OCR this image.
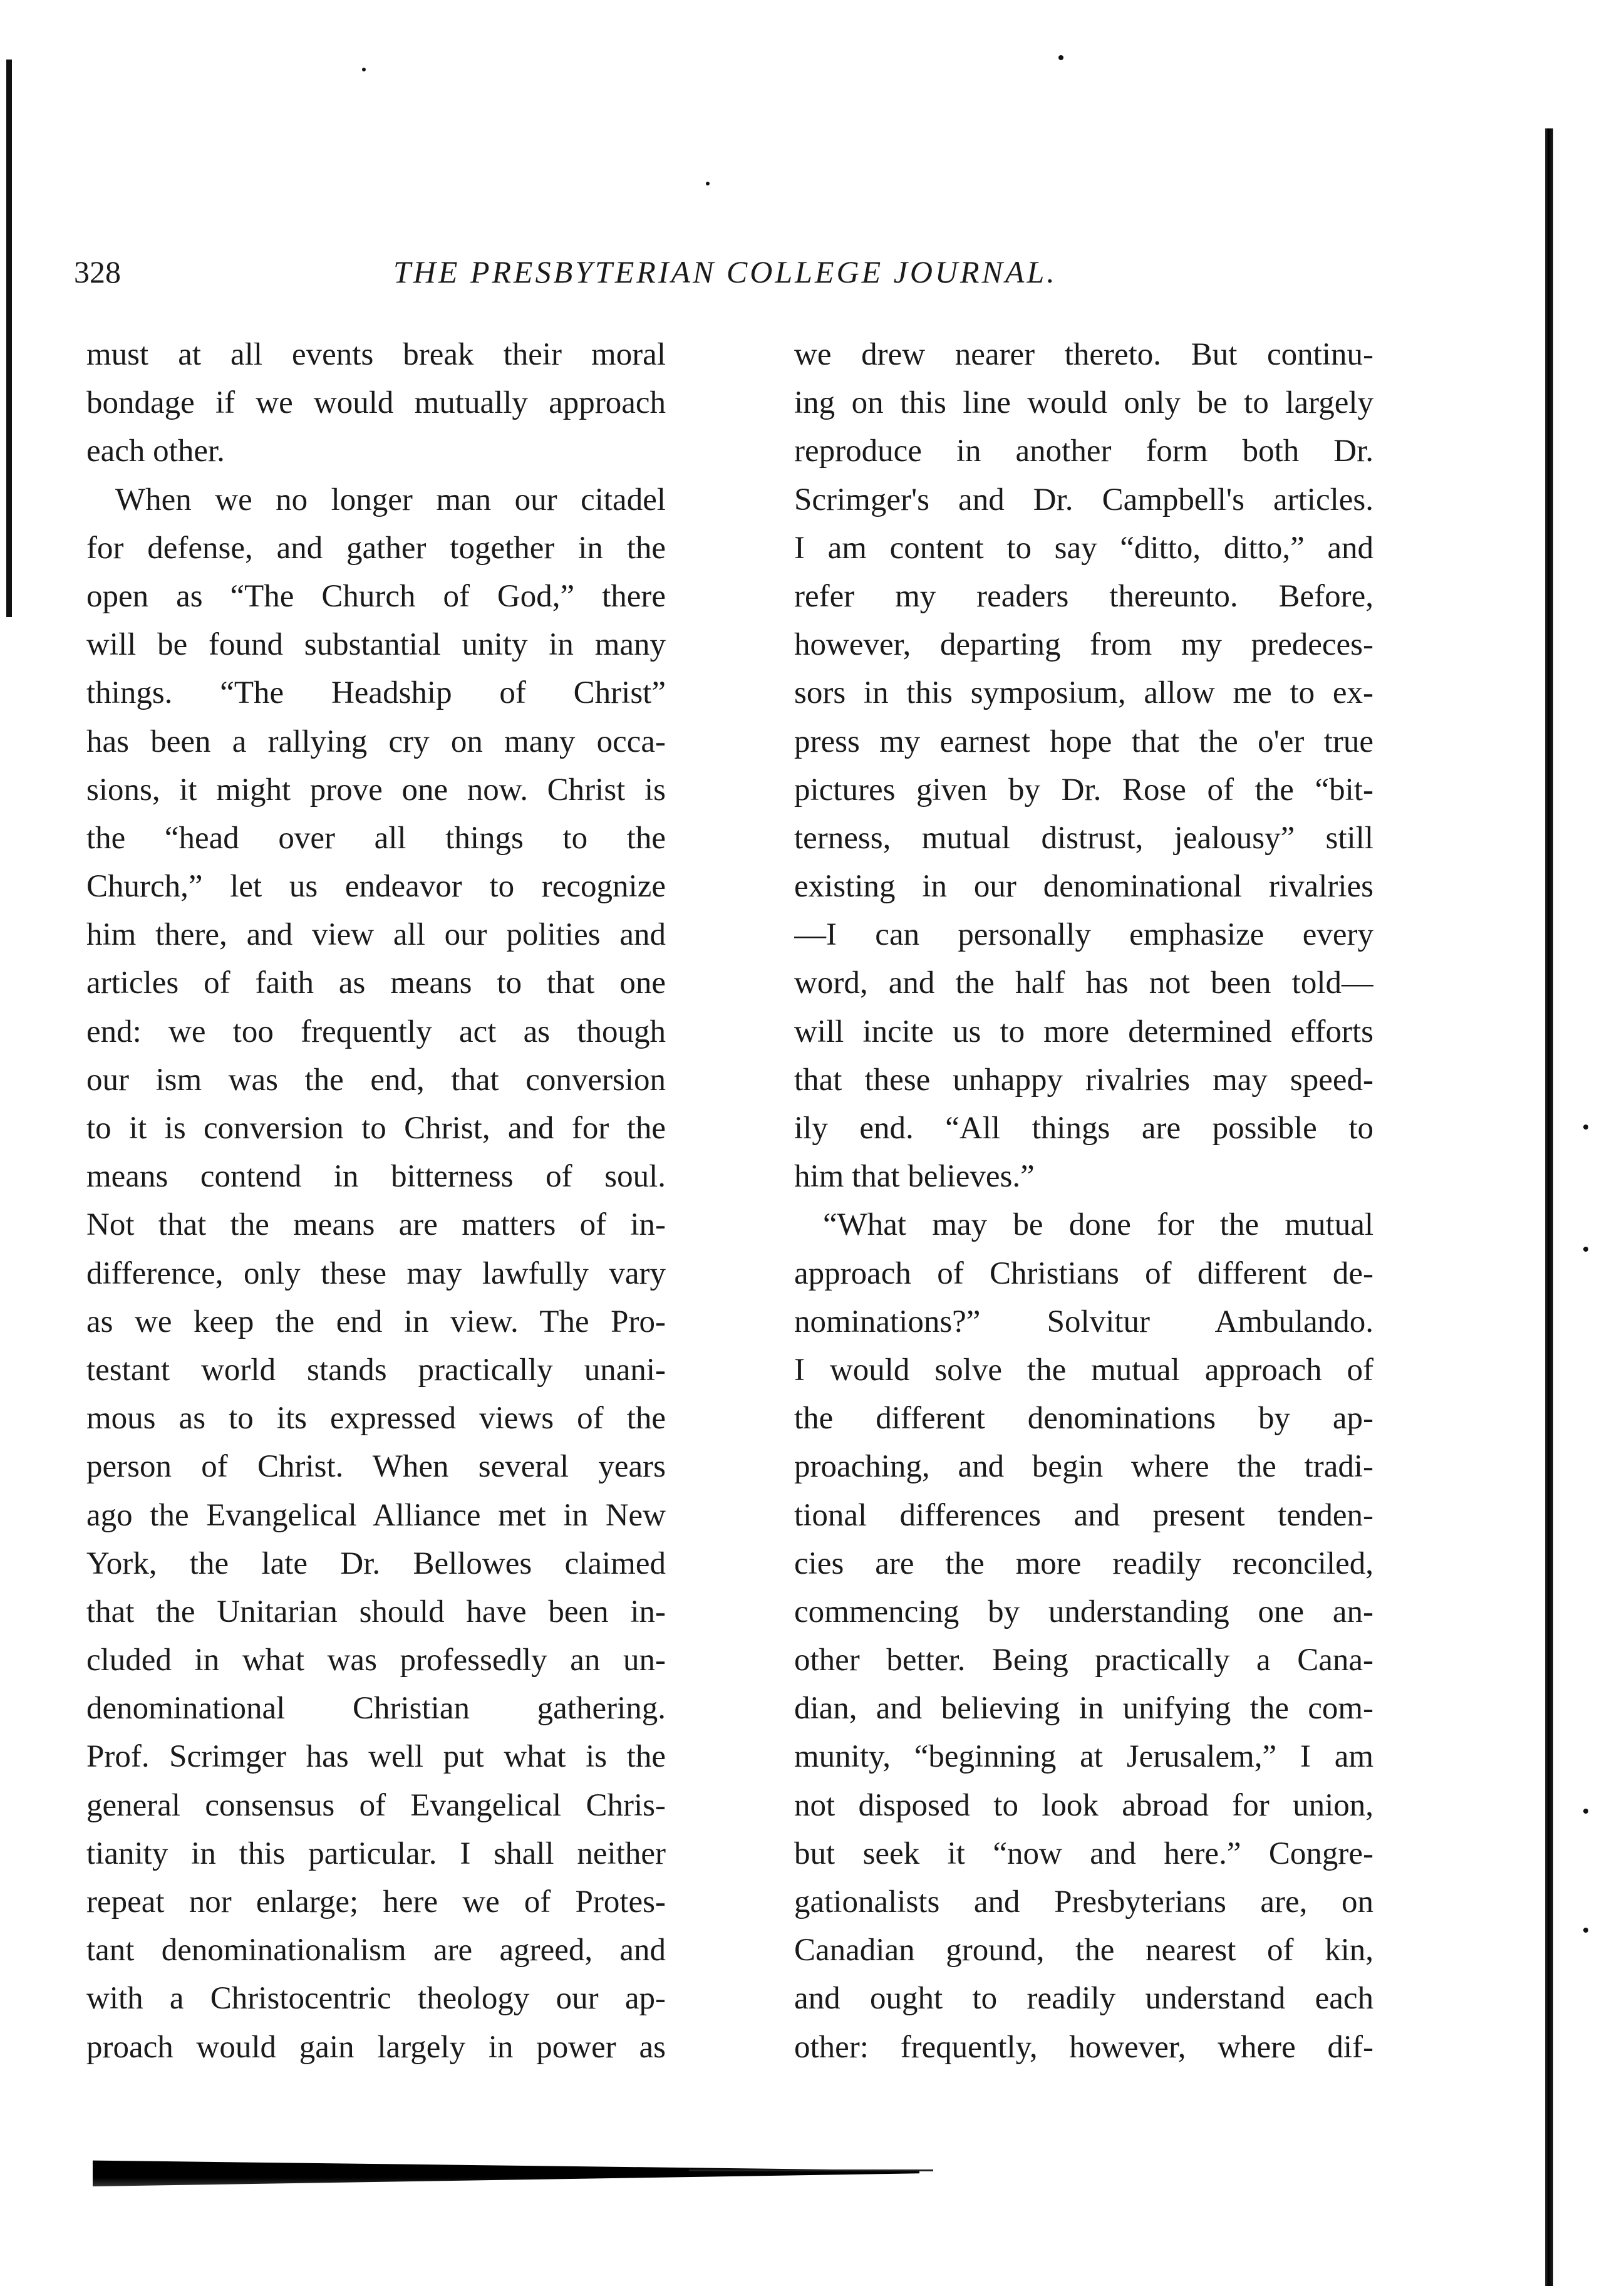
328	THE PRESBYTERIAN COLLEGE JOURNAL.
must at all events break their moral
bondage if we would mutually approach
each other.
When we no longer man our citadel
for defense, and gather together in the
open as “The Church of God,” there
will be found substantial unity in many
things. “The Headship of Christ”
has been a rallying cry on many occa-
sions, it might prove one now. Christ is
the “head over all things to the
Church,” let us endeavor to recognize
him there, and view all our polities and
articles of faith as means to that one
end: we too frequently act as though
our ism was the end, that conversion
to it is conversion to Christ, and for the
means contend in bitterness of soul.
Not that the means are matters of in-
difference, only these may lawfully vary
as we keep the end in view. The Pro-
testant world stands practically unani-
mous as to its expressed views of the
person of Christ. When several years
ago the Evangelical Alliance met in New
York, the late Dr. Bellowes claimed
that the Unitarian should have been in-
cluded in what was professedly an un-
denominational Christian gathering.
Prof. Scrimger has well put what is the
general consensus of Evangelical Chris-
tianity in this particular. I shall neither
repeat nor enlarge; here we of Protes-
tant denominationalism are agreed, and
with a Christocentric theology our ap-
proach would gain largely in power as
we drew nearer thereto. But continu-
ing on this line would only be to largely
reproduce in another form both Dr.
Scrimger's and Dr. Campbell's articles.
I am content to say “ditto, ditto,” and
refer my readers thereunto. Before,
however, departing from my predeces-
sors in this symposium, allow me to ex-
press my earnest hope that the o'er true
pictures given by Dr. Rose of the “bit-
terness, mutual distrust, jealousy” still
existing in our denominational rivalries
—I can personally emphasize every
word, and the half has not been told—
will incite us to more determined efforts
that these unhappy rivalries may speed-
ily end. “All things are possible to
him that believes.”
“What may be done for the mutual
approach of Christians of different de-
nominations?” Solvitur Ambulando.
I would solve the mutual approach of
the different denominations by ap-
proaching, and begin where the tradi-
tional differences and present tenden-
cies are the more readily reconciled,
commencing by understanding one an-
other better. Being practically a Cana-
dian, and believing in unifying the com-
munity, “beginning at Jerusalem,” I am
not disposed to look abroad for union,
but seek it “now and here.” Congre-
gationalists and Presbyterians are, on
Canadian ground, the nearest of kin,
and ought to readily understand each
other: frequently, however, where dif-
